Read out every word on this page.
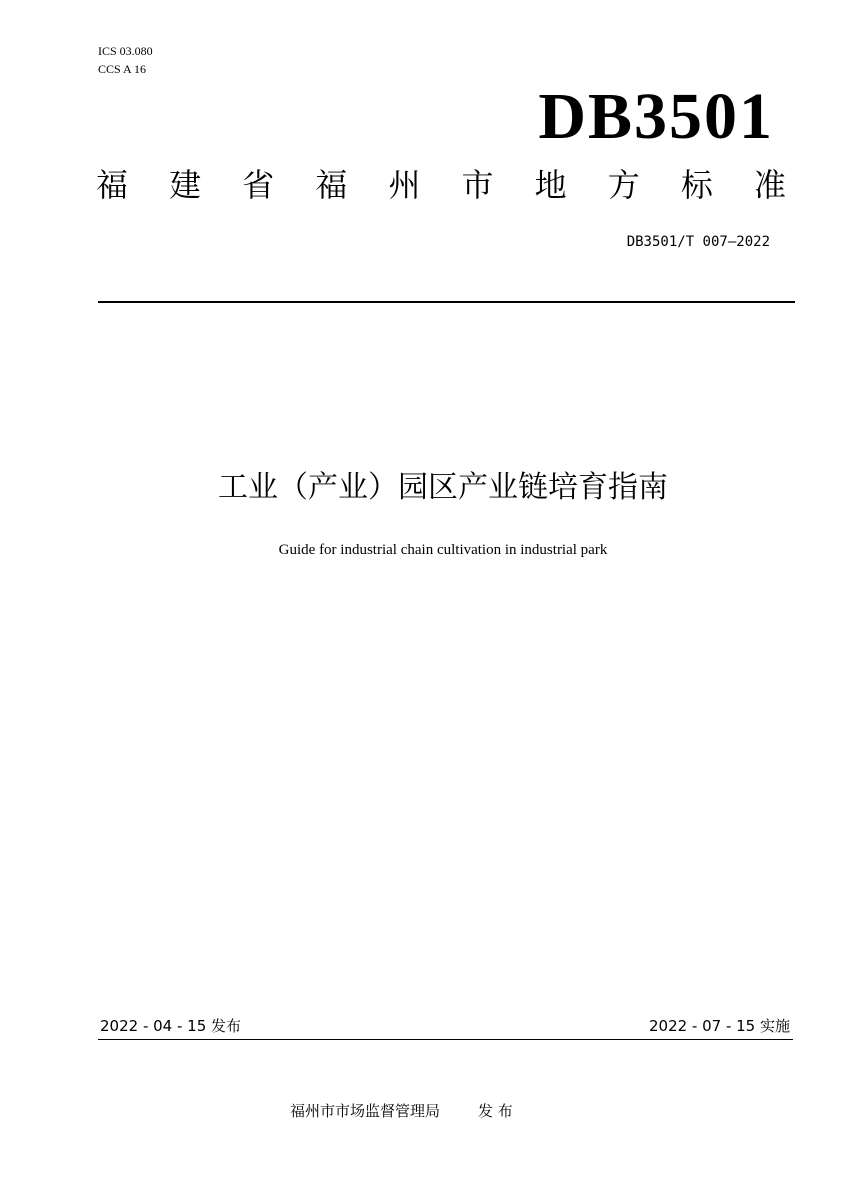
ICS 03.080
CCS A 16
DB3501
福 建 省 福 州 市 地 方 标 准
DB3501/T 007—2022
工业（产业）园区产业链培育指南
Guide for industrial chain cultivation in industrial park
2022 - 04 - 15 发布	2022 - 07 - 15 实施
福州市市场监督管理局	发 布
